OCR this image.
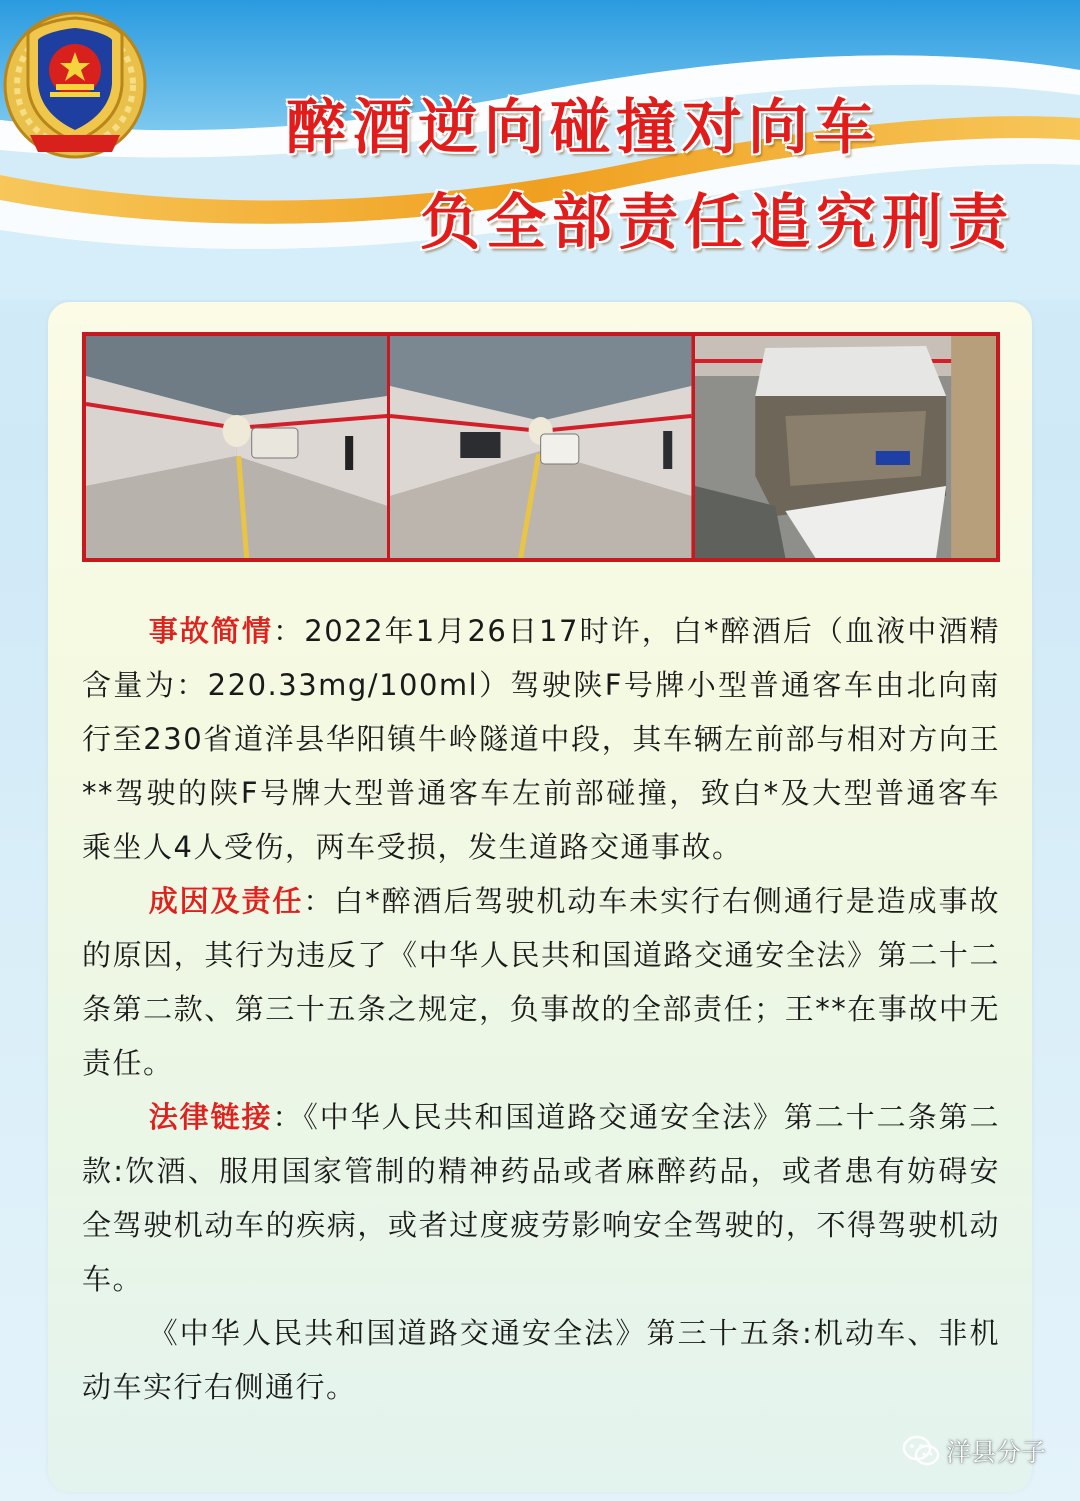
醉酒逆向碰撞对向车
负全部责任追究刑责

事故简情：2022年1月26日17时许，白*醉酒后（血液中酒精含量为：220.33mg/100ml）驾驶陕F号牌小型普通客车由北向南行至230省道洋县华阳镇牛岭隧道中段，其车辆左前部与相对方向王**驾驶的陕F号牌大型普通客车左前部碰撞，致白*及大型普通客车乘坐人4人受伤，两车受损，发生道路交通事故。

成因及责任：白*醉酒后驾驶机动车未实行右侧通行是造成事故的原因，其行为违反了《中华人民共和国道路交通安全法》第二十二条第二款、第三十五条之规定，负事故的全部责任；王**在事故中无责任。

法律链接：《中华人民共和国道路交通安全法》第二十二条第二款:饮酒、服用国家管制的精神药品或者麻醉药品，或者患有妨碍安全驾驶机动车的疾病，或者过度疲劳影响安全驾驶的，不得驾驶机动车。

《中华人民共和国道路交通安全法》第三十五条:机动车、非机动车实行右侧通行。

洋县分子
